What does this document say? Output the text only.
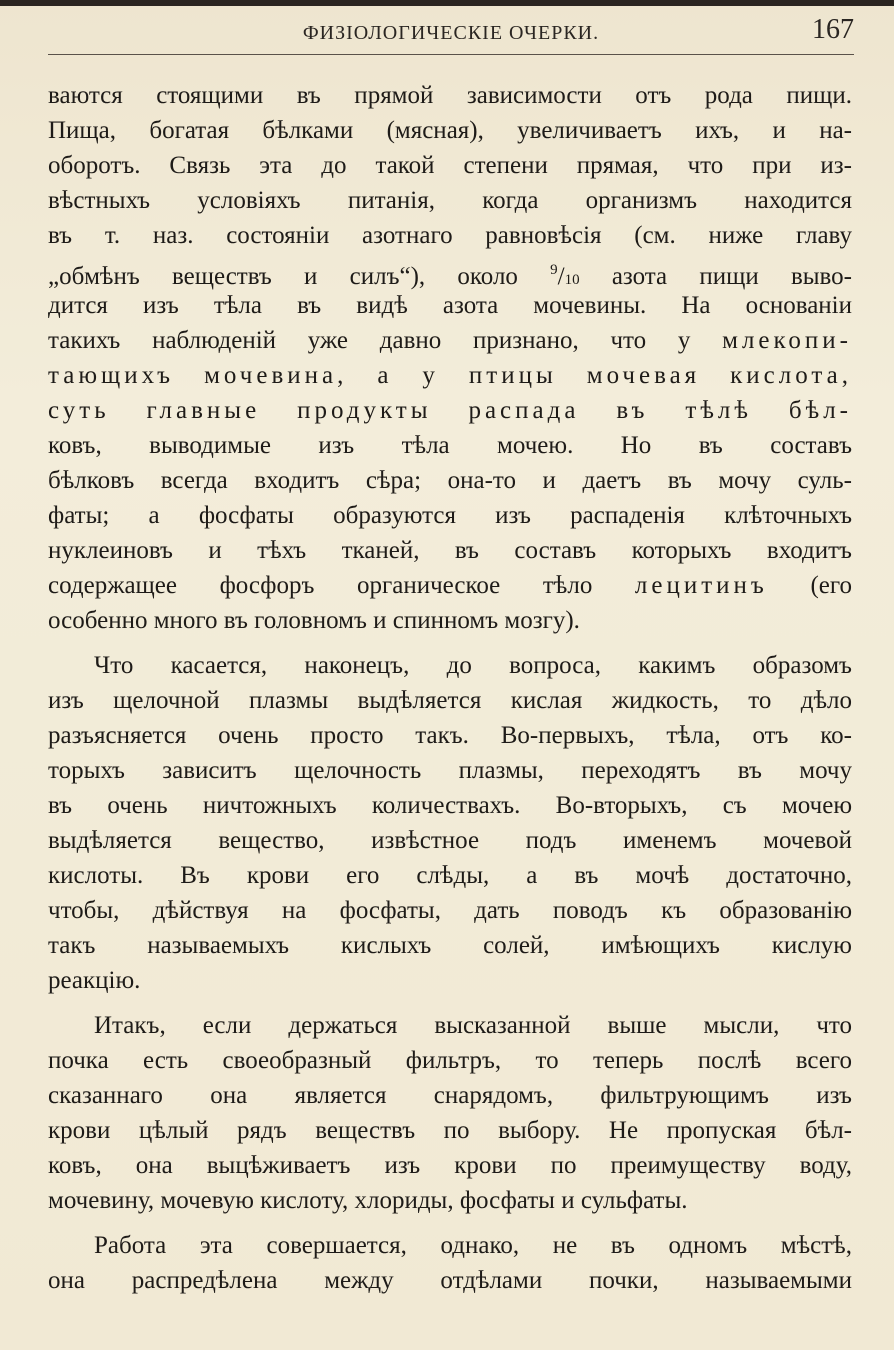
ФИЗIОЛОГИЧЕСКIЕ ОЧЕРКИ.	167
ваются стоящими въ прямой зависимости отъ рода пищи.
Пища, богатая бѣлками (мясная), увеличиваетъ ихъ, и на-
оборотъ. Связь эта до такой степени прямая, что при из-
вѣстныхъ условiяхъ питанiя, когда организмъ находится
въ т. наз. состоянiи азотнаго равновѣсiя (см. ниже главу
„обмѣнъ веществъ и силъ“), около $^9$/10 азота пищи выво-
дится изъ тѣла въ видѣ азота мочевины. На основанiи
такихъ наблюденiй уже давно признано, что у млекопи-
тающихъ мочевина, а у птицы мочевая кислота,
суть главные продукты распада въ тѣлѣ бѣл-
ковъ, выводимые изъ тѣла мочею. Но въ составъ
бѣлковъ всегда входитъ сѣра; она-то и даетъ въ мочу суль-
фаты; а фосфаты образуются изъ распаденiя клѣточныхъ
нуклеиновъ и тѣхъ тканей, въ составъ которыхъ входитъ
содержащее фосфоръ органическое тѣло лецитинъ (его
особенно много въ головномъ и спинномъ мозгу).
Что касается, наконецъ, до вопроса, какимъ образомъ
изъ щелочной плазмы выдѣляется кислая жидкость, то дѣло
разъясняется очень просто такъ. Во-первыхъ, тѣла, отъ ко-
торыхъ зависитъ щелочность плазмы, переходятъ въ мочу
въ очень ничтожныхъ количествахъ. Во-вторыхъ, съ мочею
выдѣляется вещество, извѣстное подъ именемъ мочевой
кислоты. Въ крови его слѣды, а въ мочѣ достаточно,
чтобы, дѣйствуя на фосфаты, дать поводъ къ образованiю
такъ называемыхъ кислыхъ солей, имѣющихъ кислую
реакцiю.
Итакъ, если держаться высказанной выше мысли, что
почка есть своеобразный фильтръ, то теперь послѣ всего
сказаннаго она является снарядомъ, фильтрующимъ изъ
крови цѣлый рядъ веществъ по выбору. Не пропуская бѣл-
ковъ, она выцѣживаетъ изъ крови по преимуществу воду,
мочевину, мочевую кислоту, хлориды, фосфаты и сульфаты.
Работа эта совершается, однако, не въ одномъ мѣстѣ,
она распредѣлена между отдѣлами почки, называемыми
